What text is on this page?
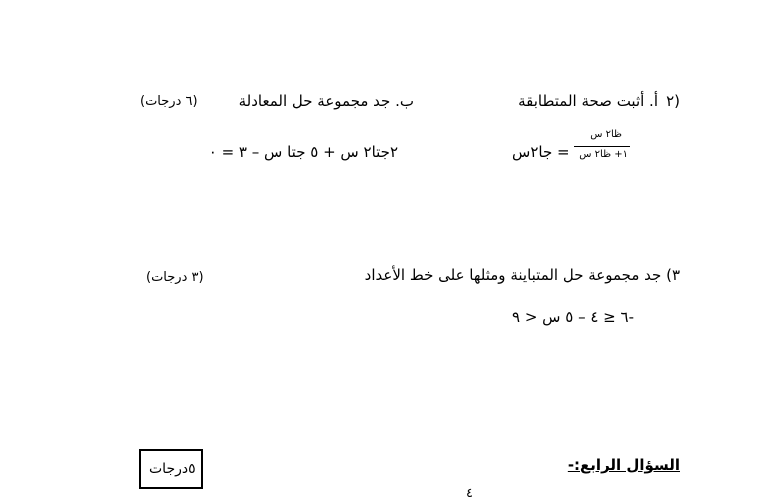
٢)
أ. أثبت صحة المتطابقة
ب. جد مجموعة حل المعادلة
(٦ درجات)
ظا٢ س
١+ ظا٢ س
= جا٢س
٢جتا٢ س + ٥ جتا س – ٣ = ٠
٣) جد مجموعة حل المتباينة ومثلها على خط الأعداد
(٣ درجات)
-٦ ≤ ٤ – ٥ س < ٩
السؤال الرابع:-
٥درجات
٤
